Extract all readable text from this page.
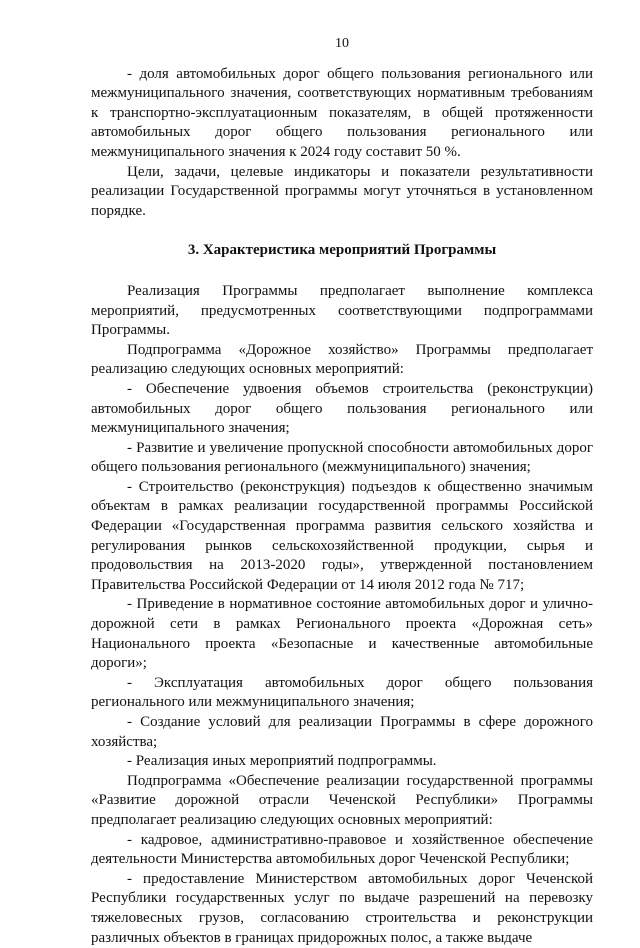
10

- доля автомобильных дорог общего пользования регионального или межмуниципального значения, соответствующих нормативным требованиям к транспортно-эксплуатационным показателям, в общей протяженности автомобильных дорог общего пользования регионального или межмуниципального значения к 2024 году составит 50 %.

Цели, задачи, целевые индикаторы и показатели результативности реализации Государственной программы могут уточняться в установленном порядке.

3. Характеристика мероприятий Программы

Реализация Программы предполагает выполнение комплекса мероприятий, предусмотренных соответствующими подпрограммами Программы.

Подпрограмма «Дорожное хозяйство» Программы предполагает реализацию следующих основных мероприятий:

- Обеспечение удвоения объемов строительства (реконструкции) автомобильных дорог общего пользования регионального или межмуниципального значения;

- Развитие и увеличение пропускной способности автомобильных дорог общего пользования регионального (межмуниципального) значения;

- Строительство (реконструкция) подъездов к общественно значимым объектам в рамках реализации государственной программы Российской Федерации «Государственная программа развития сельского хозяйства и регулирования рынков сельскохозяйственной продукции, сырья и продовольствия на 2013-2020 годы», утвержденной постановлением Правительства Российской Федерации от 14 июля 2012 года № 717;

- Приведение в нормативное состояние автомобильных дорог и улично-дорожной сети в рамках Регионального проекта «Дорожная сеть» Национального проекта «Безопасные и качественные автомобильные дороги»;

- Эксплуатация автомобильных дорог общего пользования регионального или межмуниципального значения;

- Создание условий для реализации Программы в сфере дорожного хозяйства;

- Реализация иных мероприятий подпрограммы.

Подпрограмма «Обеспечение реализации государственной программы «Развитие дорожной отрасли Чеченской Республики» Программы предполагает реализацию следующих основных мероприятий:

- кадровое, административно-правовое и хозяйственное обеспечение деятельности Министерства автомобильных дорог Чеченской Республики;

- предоставление Министерством автомобильных дорог Чеченской Республики государственных услуг по выдаче разрешений на перевозку тяжеловесных грузов, согласованию строительства и реконструкции различных объектов в границах придорожных полос, а также выдаче
